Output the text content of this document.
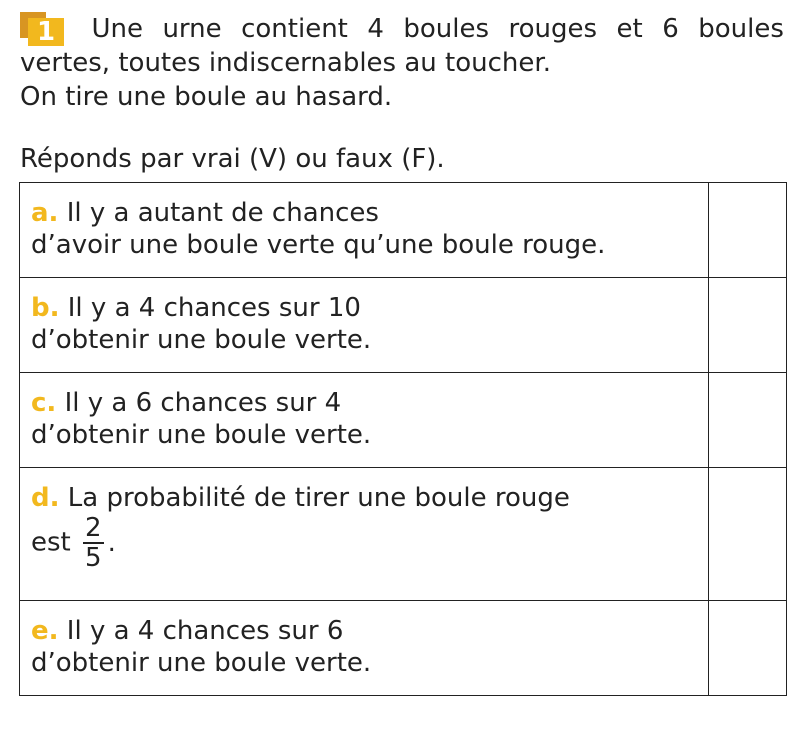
1	Une urne contient 4 boules rouges et 6 boules
vertes, toutes indiscernables au toucher.
On tire une boule au hasard.
Réponds par vrai (V) ou faux (F).
a. Il y a autant de chances
d’avoir une boule verte qu’une boule rouge.	
b. Il y a 4 chances sur 10
d’obtenir une boule verte.	
c. Il y a 6 chances sur 4
d’obtenir une boule verte.	
d. La probabilité de tirer une boule rouge
est $\frac{2}{5}$ .	
e. Il y a 4 chances sur 6
d’obtenir une boule verte.	
